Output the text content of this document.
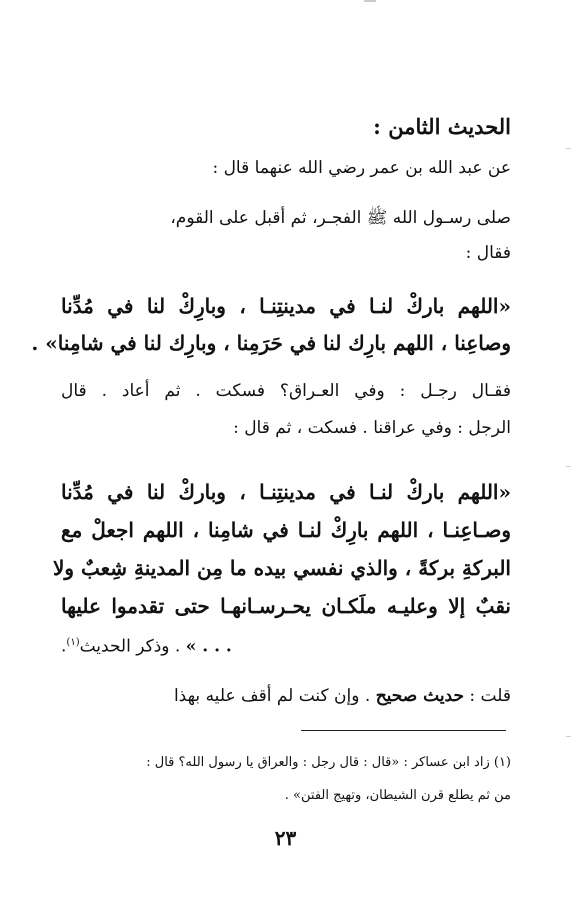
الحديث الثامن :
عن عبد الله بن عمر رضي الله عنهما قال :
صلى رسـول الله ﷺ الفجـر، ثم أقبل على القوم،
فقال :
«اللهم باركْ لنـا في مدينتِنـا ، وبارِكْ لنا في مُدِّنا
وصاعِنا ، اللهم بارِك لنا في حَرَمِنا ، وبارِك لنا في شامِنا» .
فقـال رجـل : وفي العـراق؟ فسكت . ثم أعاد . قال
الرجل : وفي عراقنا . فسكت ، ثم قال :
«اللهم باركْ لنـا في مدينتِنـا ، وباركْ لنا في مُدِّنا
وصـاعِنـا ، اللهم بارِكْ لنـا في شامِنا ، اللهم اجعلْ مع
البركةِ بركةً ، والذي نفسي بيده ما مِن المدينةِ شِعبٌ ولا
نقبٌ إلا وعليـه ملَكـان يحـرسـانهـا حتى تقدموا عليها
. . . » . وذكر الحديث$^{(١)}$.
قلت : حديث صحيح . وإن كنت لم أقف عليه بهذا
(١) زاد ابن عساكر : «قال : قال رجل : والعراق يا رسول الله؟ قال :
من ثم يطلع قرن الشيطان، وتهيج الفتن» .
٢٣
